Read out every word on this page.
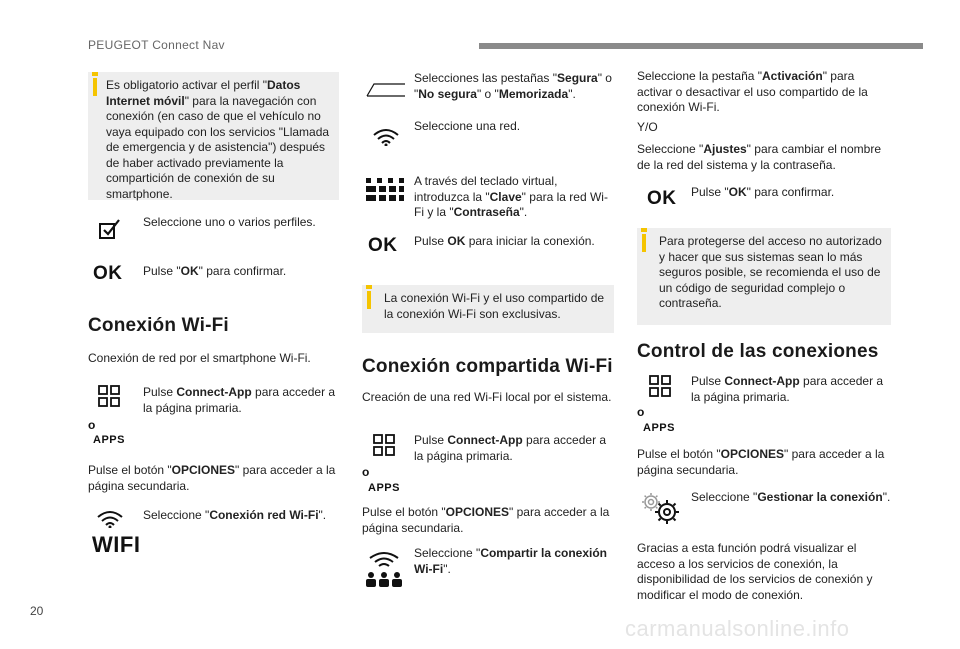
PEUGEOT Connect Nav
Es obligatorio activar el perfil "Datos Internet móvil" para la navegación con conexión (en caso de que el vehículo no vaya equipado con los servicios "Llamada de emergencia y de asistencia") después de haber activado previamente la compartición de conexión de su smartphone.
Seleccione uno o varios perfiles.
OK Pulse "OK" para confirmar.
Conexión Wi-Fi
Conexión de red por el smartphone Wi-Fi.
Pulse Connect-App para acceder a la página primaria.
o
APPS
Pulse el botón "OPCIONES" para acceder a la página secundaria.
WIFI
Seleccione "Conexión red Wi-Fi".
Selecciones las pestañas "Segura" o "No segura" o "Memorizada".
Seleccione una red.
A través del teclado virtual, introduzca la "Clave" para la red Wi-Fi y la "Contraseña".
OK Pulse OK para iniciar la conexión.
La conexión Wi-Fi y el uso compartido de la conexión Wi-Fi son exclusivas.
Conexión compartida Wi-Fi
Creación de una red Wi-Fi local por el sistema.
Pulse Connect-App para acceder a la página primaria.
o
APPS
Pulse el botón "OPCIONES" para acceder a la página secundaria.
Seleccione "Compartir la conexión Wi-Fi".
Seleccione la pestaña "Activación" para activar o desactivar el uso compartido de la conexión Wi-Fi.
Y/O
Seleccione "Ajustes" para cambiar el nombre de la red del sistema y la contraseña.
OK Pulse "OK" para confirmar.
Para protegerse del acceso no autorizado y hacer que sus sistemas sean lo más seguros posible, se recomienda el uso de un código de seguridad complejo o contraseña.
Control de las conexiones
Pulse Connect-App para acceder a la página primaria.
o
APPS
Pulse el botón "OPCIONES" para acceder a la página secundaria.
Seleccione "Gestionar la conexión".
Gracias a esta función podrá visualizar el acceso a los servicios de conexión, la disponibilidad de los servicios de conexión y modificar el modo de conexión.
20
carmanualsonline.info
